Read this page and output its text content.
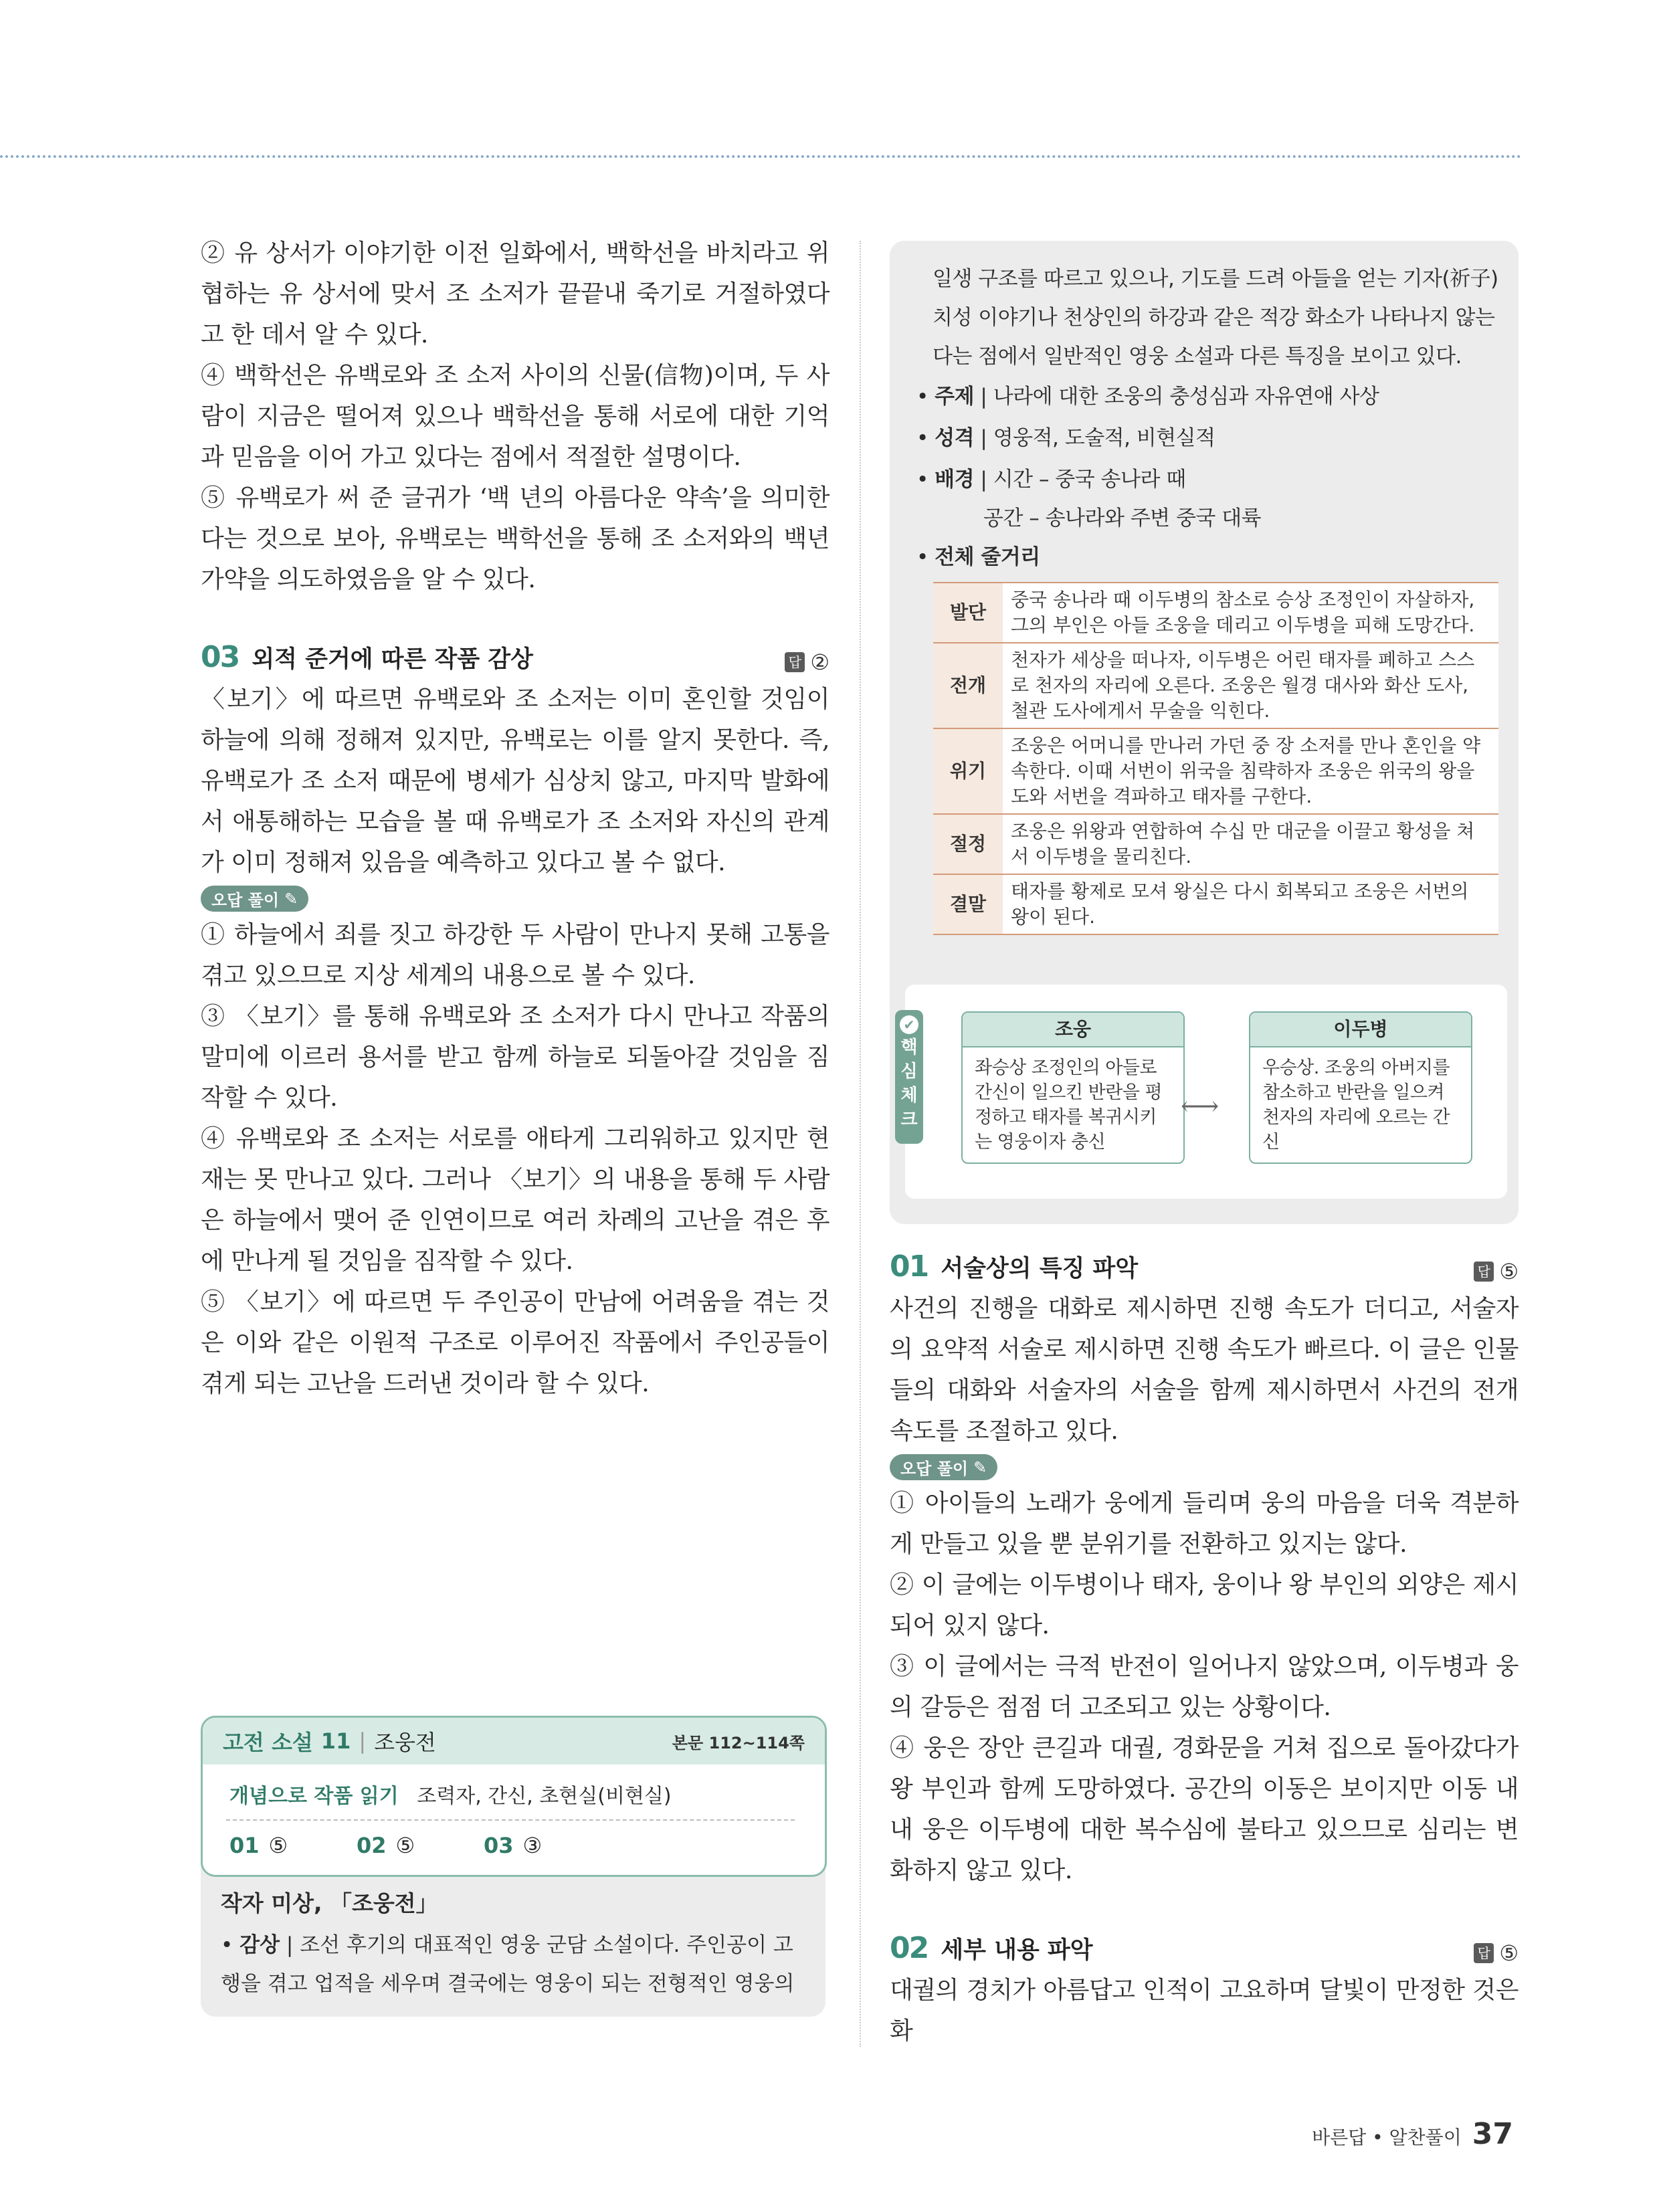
② 유 상서가 이야기한 이전 일화에서, 백학선을 바치라고 위협하는 유 상서에 맞서 조 소저가 끝끝내 죽기로 거절하였다고 한 데서 알 수 있다.

④ 백학선은 유백로와 조 소저 사이의 신물(信物)이며, 두 사람이 지금은 떨어져 있으나 백학선을 통해 서로에 대한 기억과 믿음을 이어 가고 있다는 점에서 적절한 설명이다.

⑤ 유백로가 써 준 글귀가 ‘백 년의 아름다운 약속’을 의미한다는 것으로 보아, 유백로는 백학선을 통해 조 소저와의 백년가약을 의도하였음을 알 수 있다.

03 외적 준거에 따른 작품 감상	답 ②

〈보기〉에 따르면 유백로와 조 소저는 이미 혼인할 것임이 하늘에 의해 정해져 있지만, 유백로는 이를 알지 못한다. 즉, 유백로가 조 소저 때문에 병세가 심상치 않고, 마지막 발화에서 애통해하는 모습을 볼 때 유백로가 조 소저와 자신의 관계가 이미 정해져 있음을 예측하고 있다고 볼 수 없다.

오답 풀이 ✎

① 하늘에서 죄를 짓고 하강한 두 사람이 만나지 못해 고통을 겪고 있으므로 지상 세계의 내용으로 볼 수 있다.

③ 〈보기〉를 통해 유백로와 조 소저가 다시 만나고 작품의 말미에 이르러 용서를 받고 함께 하늘로 되돌아갈 것임을 짐작할 수 있다.

④ 유백로와 조 소저는 서로를 애타게 그리워하고 있지만 현재는 못 만나고 있다. 그러나 〈보기〉의 내용을 통해 두 사람은 하늘에서 맺어 준 인연이므로 여러 차례의 고난을 겪은 후에 만나게 될 것임을 짐작할 수 있다.

⑤ 〈보기〉에 따르면 두 주인공이 만남에 어려움을 겪는 것은 이와 같은 이원적 구조로 이루어진 작품에서 주인공들이 겪게 되는 고난을 드러낸 것이라 할 수 있다.

고전 소설 11 | 조웅전	본문 112~114쪽
개념으로 작품 읽기 조력자, 간신, 초현실(비현실)
01 ⑤	02 ⑤	03 ③

작자 미상, 「조웅전」

• 감상 | 조선 후기의 대표적인 영웅 군담 소설이다. 주인공이 고행을 겪고 업적을 세우며 결국에는 영웅이 되는 전형적인 영웅의

일생 구조를 따르고 있으나, 기도를 드려 아들을 얻는 기자(祈子) 치성 이야기나 천상인의 하강과 같은 적강 화소가 나타나지 않는다는 점에서 일반적인 영웅 소설과 다른 특징을 보이고 있다.

• 주제 | 나라에 대한 조웅의 충성심과 자유연애 사상

• 성격 | 영웅적, 도술적, 비현실적

• 배경 | 시간 – 중국 송나라 때
공간 – 송나라와 주변 중국 대륙

• 전체 줄거리

발단	중국 송나라 때 이두병의 참소로 승상 조정인이 자살하자, 그의 부인은 아들 조웅을 데리고 이두병을 피해 도망간다.
전개	천자가 세상을 떠나자, 이두병은 어린 태자를 폐하고 스스로 천자의 자리에 오른다. 조웅은 월경 대사와 화산 도사, 철관 도사에게서 무술을 익힌다.
위기	조웅은 어머니를 만나러 가던 중 장 소저를 만나 혼인을 약속한다. 이때 서번이 위국을 침략하자 조웅은 위국의 왕을 도와 서번을 격파하고 태자를 구한다.
절정	조웅은 위왕과 연합하여 수십 만 대군을 이끌고 황성을 쳐서 이두병을 물리친다.
결말	태자를 황제로 모셔 왕실은 다시 회복되고 조웅은 서번의 왕이 된다.
✔
핵
심
체
크
조웅
좌승상 조정인의 아들로 간신이 일으킨 반란을 평정하고 태자를 복귀시키는 영웅이자 충신
⟷
이두병
우승상. 조웅의 아버지를 참소하고 반란을 일으켜 천자의 자리에 오르는 간신
01 서술상의 특징 파악	답 ⑤

사건의 진행을 대화로 제시하면 진행 속도가 더디고, 서술자의 요약적 서술로 제시하면 진행 속도가 빠르다. 이 글은 인물들의 대화와 서술자의 서술을 함께 제시하면서 사건의 전개 속도를 조절하고 있다.

오답 풀이 ✎

① 아이들의 노래가 웅에게 들리며 웅의 마음을 더욱 격분하게 만들고 있을 뿐 분위기를 전환하고 있지는 않다.

② 이 글에는 이두병이나 태자, 웅이나 왕 부인의 외양은 제시되어 있지 않다.

③ 이 글에서는 극적 반전이 일어나지 않았으며, 이두병과 웅의 갈등은 점점 더 고조되고 있는 상황이다.

④ 웅은 장안 큰길과 대궐, 경화문을 거쳐 집으로 돌아갔다가 왕 부인과 함께 도망하였다. 공간의 이동은 보이지만 이동 내내 웅은 이두병에 대한 복수심에 불타고 있으므로 심리는 변화하지 않고 있다.

02 세부 내용 파악	답 ⑤

대궐의 경치가 아름답고 인적이 고요하며 달빛이 만정한 것은 화

바른답 • 알찬풀이 37
